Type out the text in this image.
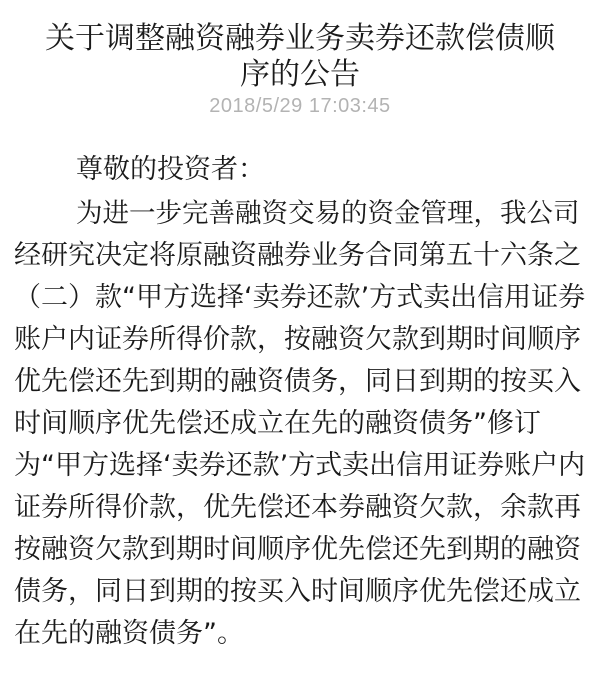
关于调整融资融券业务卖券还款偿债顺
序的公告
2018/5/29 17:03:45
尊敬的投资者：
为进一步完善融资交易的资金管理，我公司
经研究决定将原融资融券业务合同第五十六条之
（二）款“甲方选择‘卖券还款’方式卖出信用证券
账户内证券所得价款，按融资欠款到期时间顺序
优先偿还先到期的融资债务，同日到期的按买入
时间顺序优先偿还成立在先的融资债务”修订
为“甲方选择‘卖券还款’方式卖出信用证券账户内
证券所得价款，优先偿还本券融资欠款，余款再
按融资欠款到期时间顺序优先偿还先到期的融资
债务，同日到期的按买入时间顺序优先偿还成立
在先的融资债务”。
